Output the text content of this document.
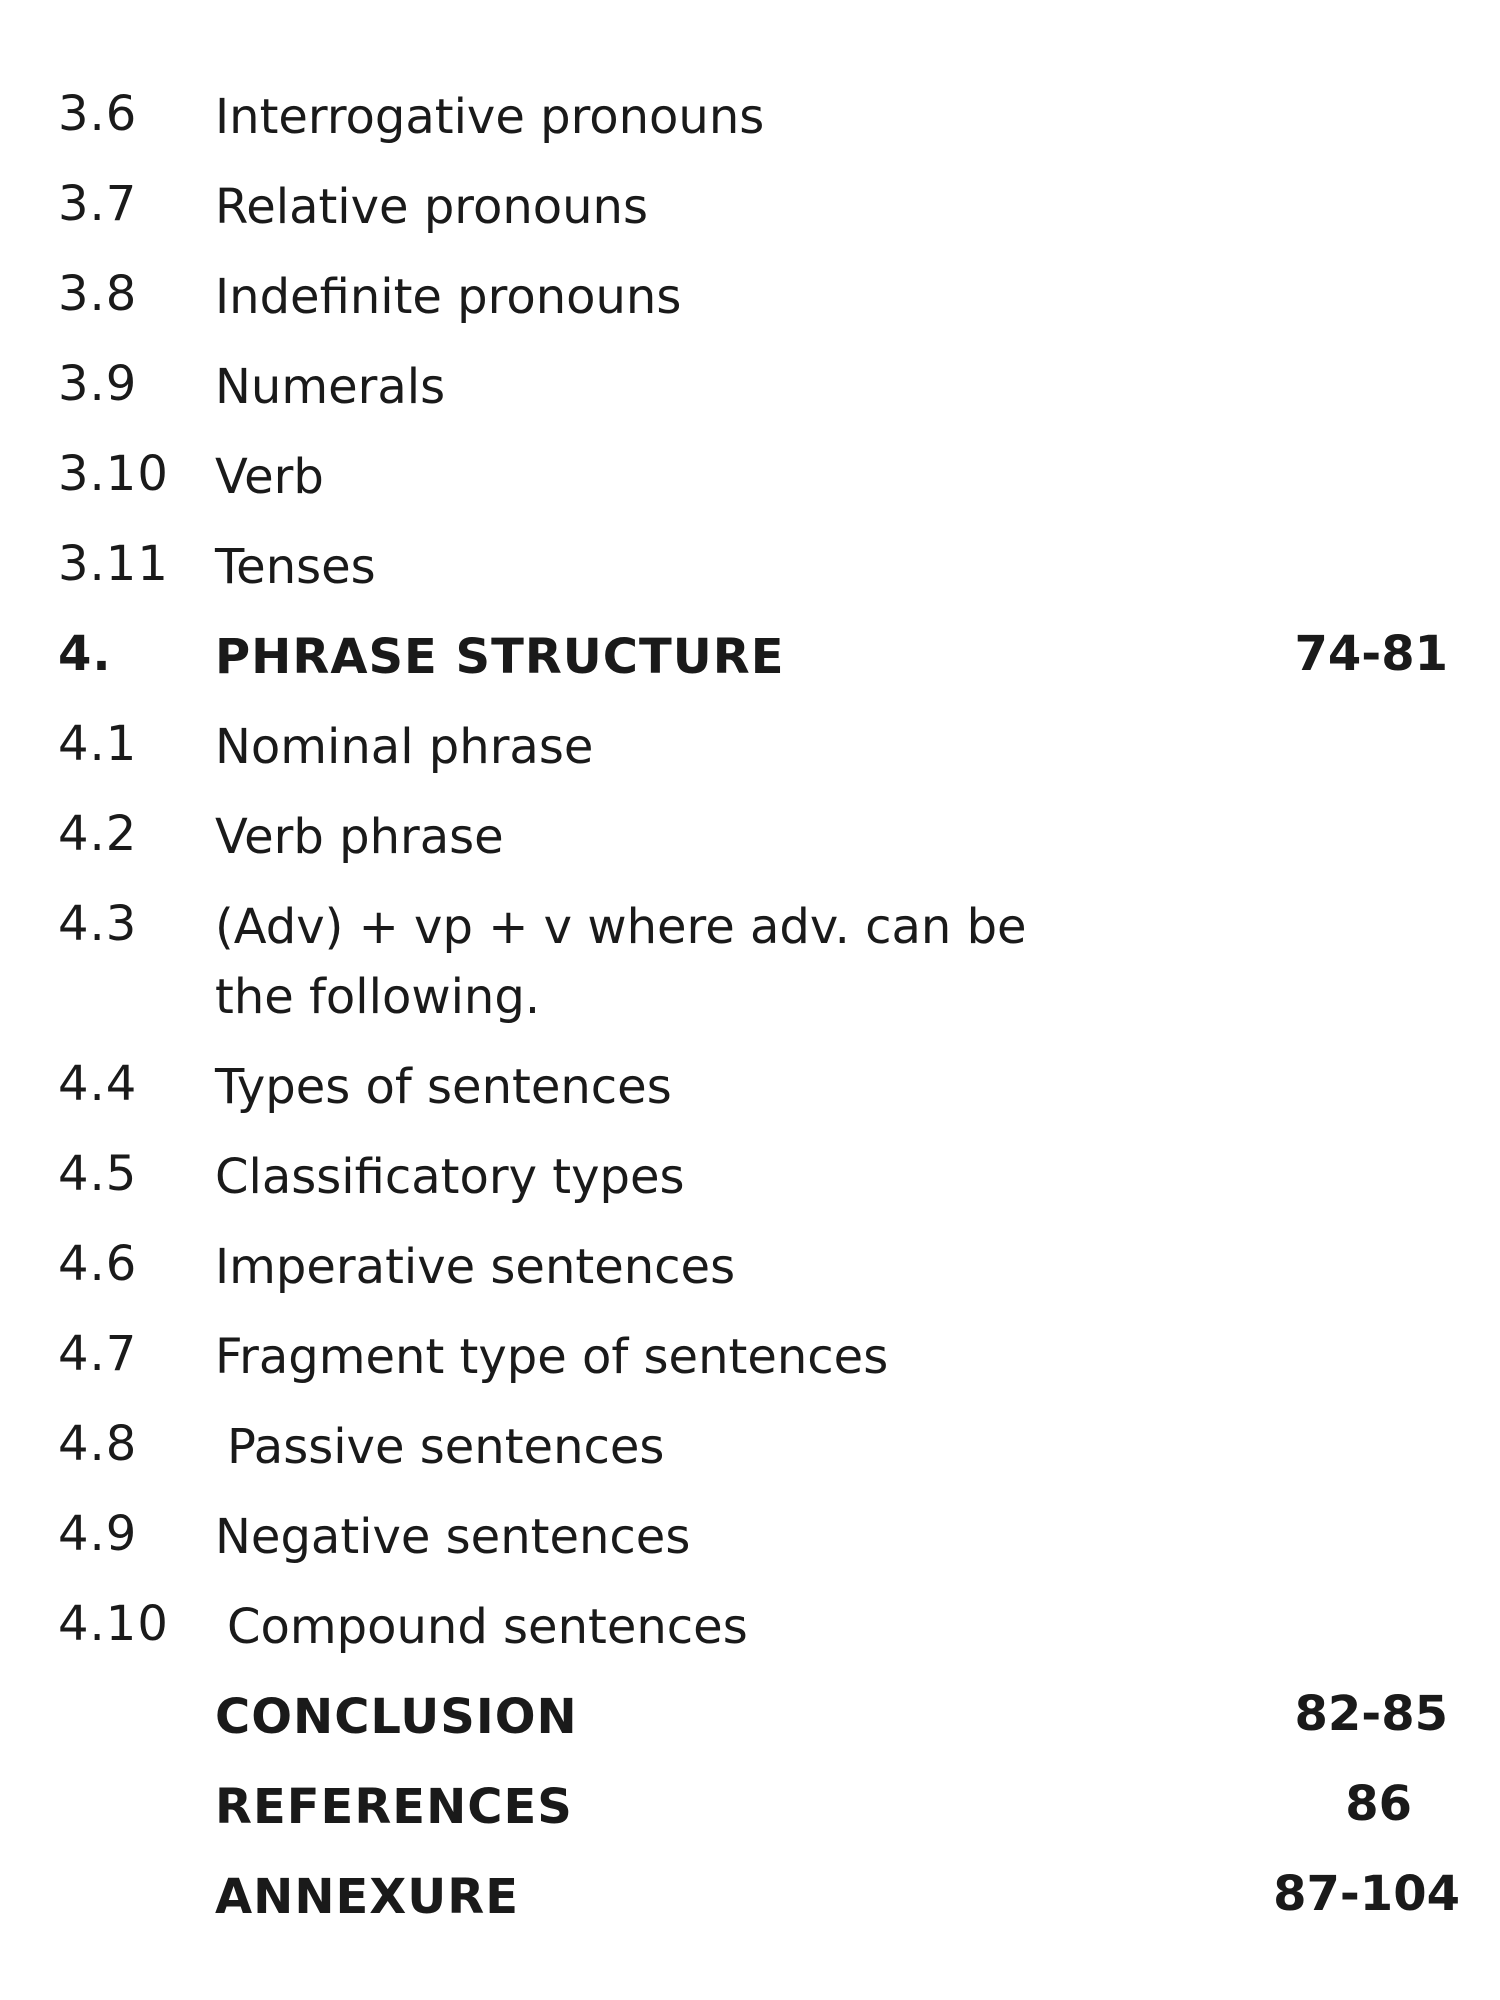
3.6 Interrogative pronouns
3.7 Relative pronouns
3.8 Indefinite pronouns
3.9 Numerals
3.10 Verb
3.11 Tenses
4. PHRASE STRUCTURE	74-81
4.1 Nominal phrase
4.2 Verb phrase
4.3 (Adv) + vp + v where adv. can be the following.
4.4 Types of sentences
4.5 Classificatory types
4.6 Imperative sentences
4.7 Fragment type of sentences
4.8 Passive sentences
4.9 Negative sentences
4.10 Compound sentences
CONCLUSION	82-85
REFERENCES	86
ANNEXURE	87-104
